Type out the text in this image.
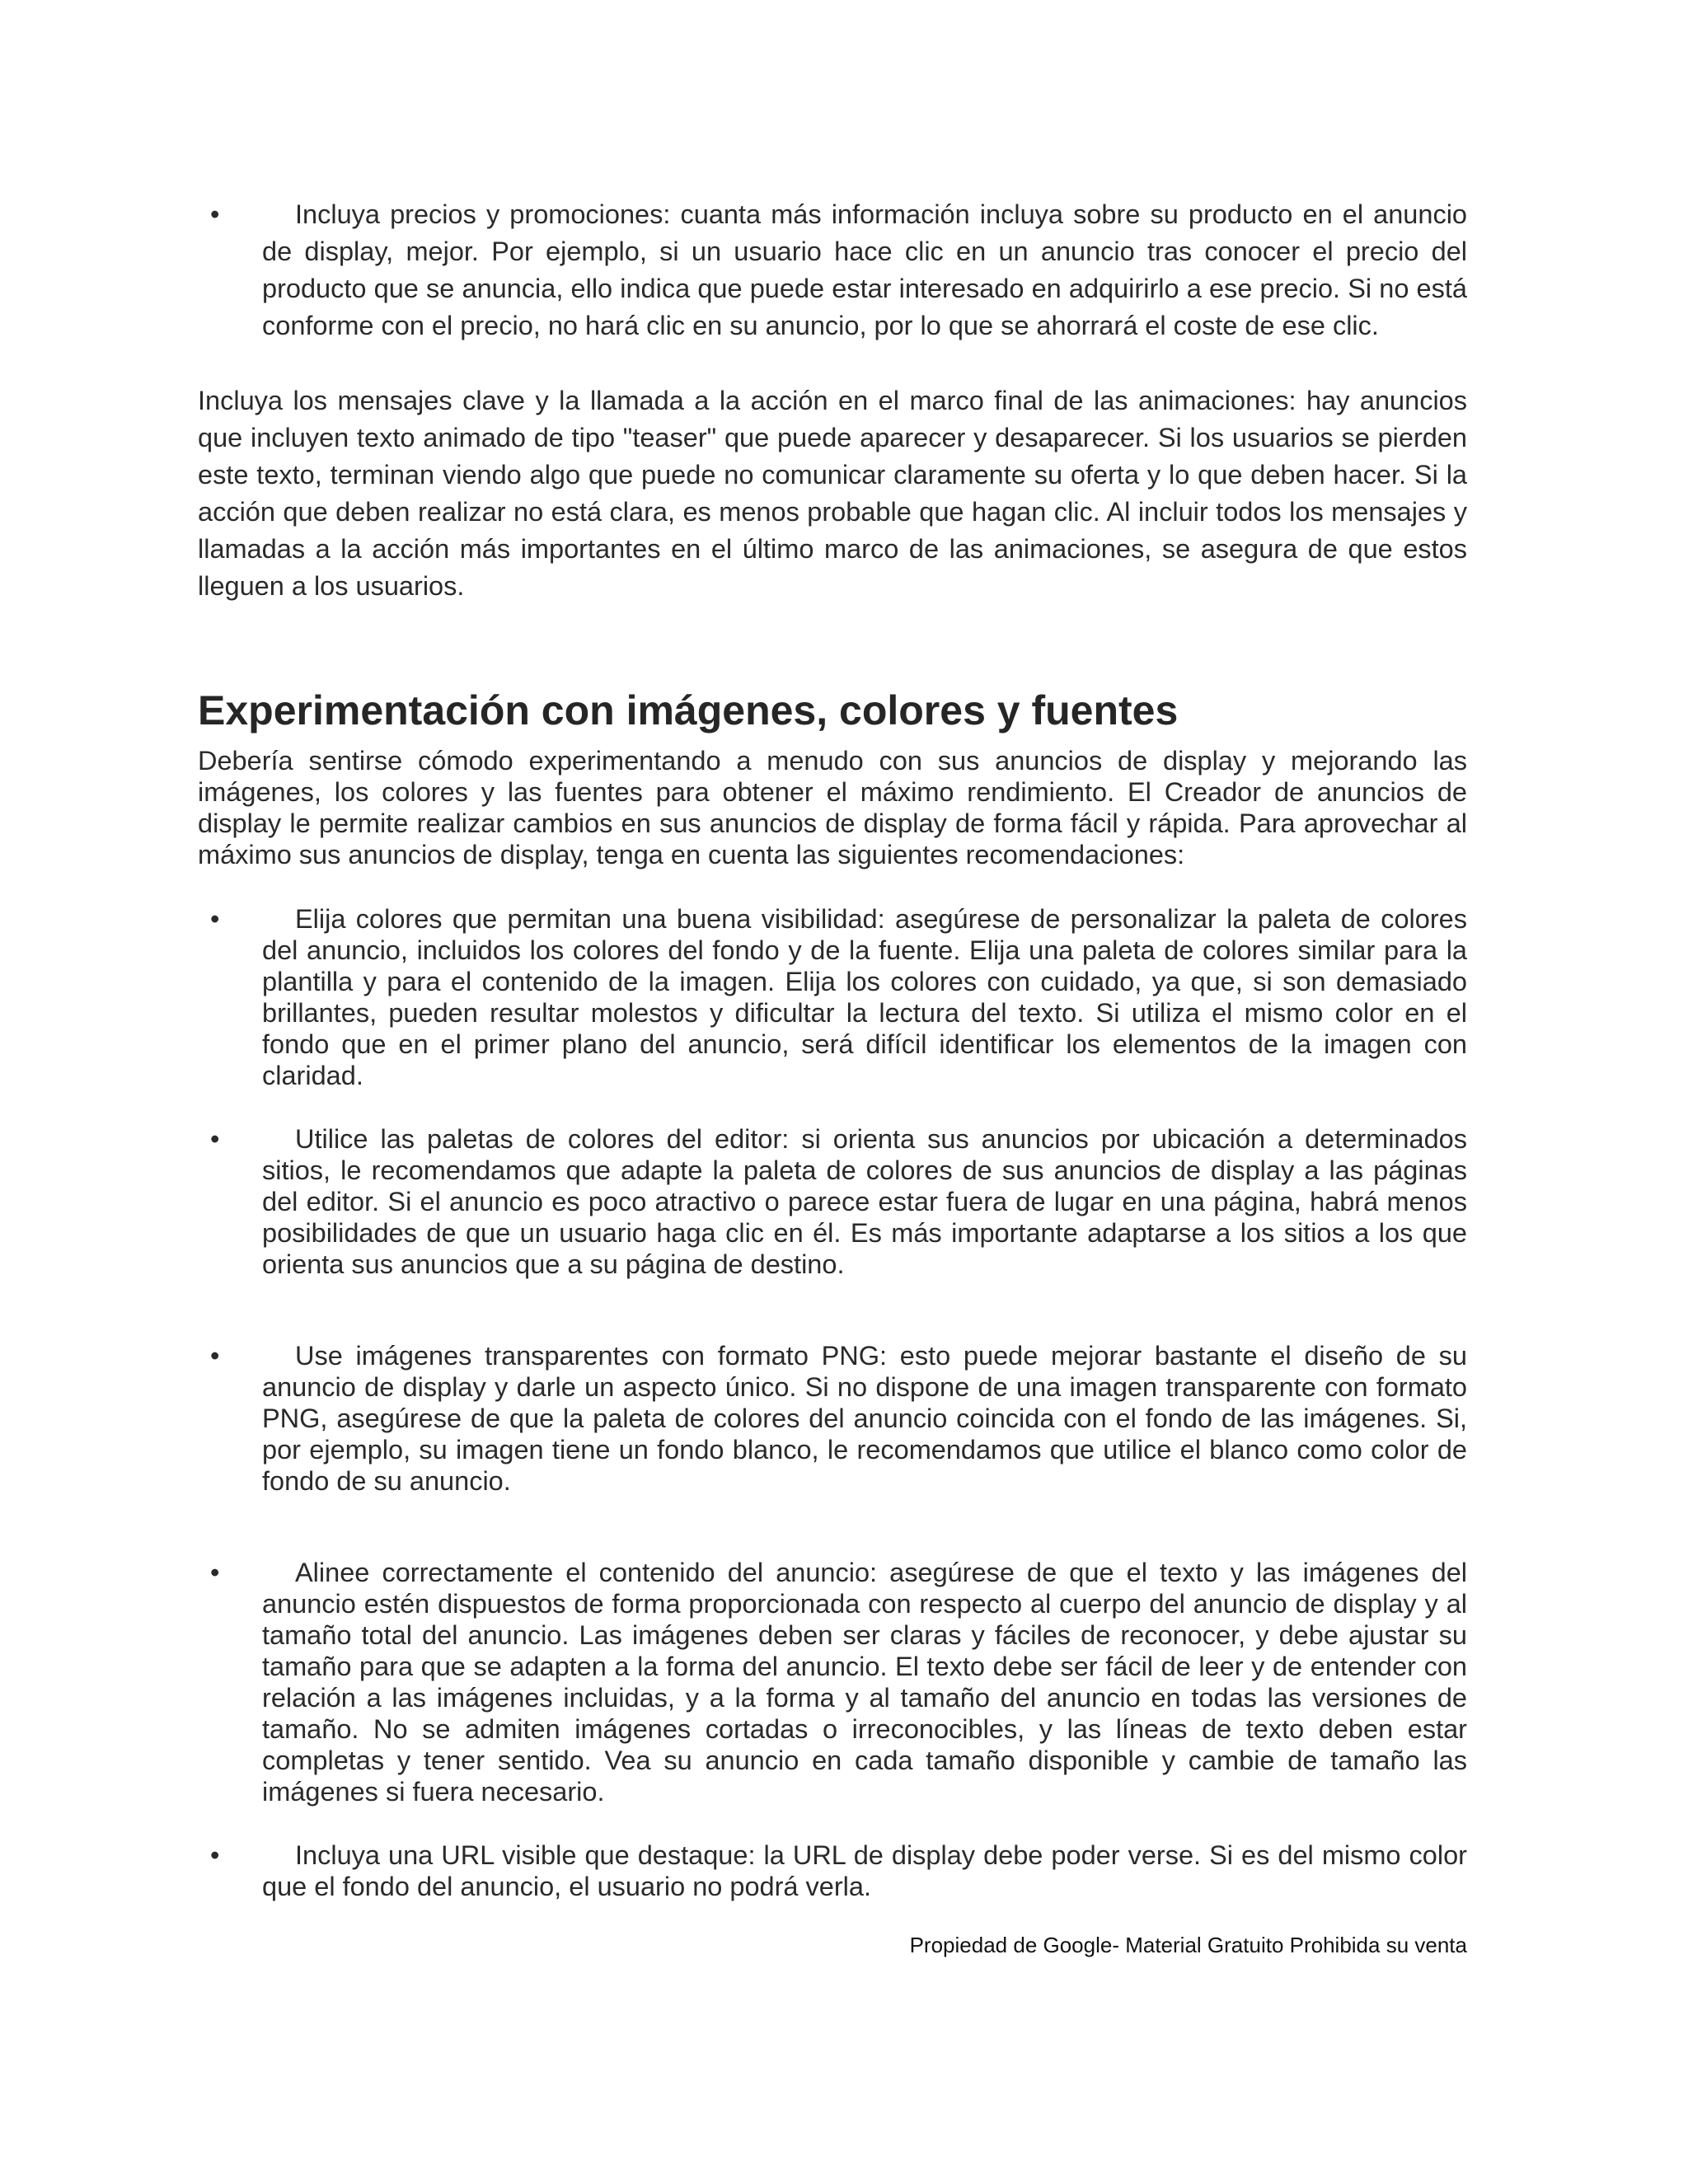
•	Incluya precios y promociones: cuanta más información incluya sobre su producto en el anuncio de display, mejor. Por ejemplo, si un usuario hace clic en un anuncio tras conocer el precio del producto que se anuncia, ello indica que puede estar interesado en adquirirlo a ese precio. Si no está conforme con el precio, no hará clic en su anuncio, por lo que se ahorrará el coste de ese clic.

Incluya los mensajes clave y la llamada a la acción en el marco final de las animaciones: hay anuncios que incluyen texto animado de tipo "teaser" que puede aparecer y desaparecer. Si los usuarios se pierden este texto, terminan viendo algo que puede no comunicar claramente su oferta y lo que deben hacer. Si la acción que deben realizar no está clara, es menos probable que hagan clic. Al incluir todos los mensajes y llamadas a la acción más importantes en el último marco de las animaciones, se asegura de que estos lleguen a los usuarios.

Experimentación con imágenes, colores y fuentes

Debería sentirse cómodo experimentando a menudo con sus anuncios de display y mejorando las imágenes, los colores y las fuentes para obtener el máximo rendimiento. El Creador de anuncios de display le permite realizar cambios en sus anuncios de display de forma fácil y rápida. Para aprovechar al máximo sus anuncios de display, tenga en cuenta las siguientes recomendaciones:

•	Elija colores que permitan una buena visibilidad: asegúrese de personalizar la paleta de colores del anuncio, incluidos los colores del fondo y de la fuente. Elija una paleta de colores similar para la plantilla y para el contenido de la imagen. Elija los colores con cuidado, ya que, si son demasiado brillantes, pueden resultar molestos y dificultar la lectura del texto. Si utiliza el mismo color en el fondo que en el primer plano del anuncio, será difícil identificar los elementos de la imagen con claridad.
•	Utilice las paletas de colores del editor: si orienta sus anuncios por ubicación a determinados sitios, le recomendamos que adapte la paleta de colores de sus anuncios de display a las páginas del editor. Si el anuncio es poco atractivo o parece estar fuera de lugar en una página, habrá menos posibilidades de que un usuario haga clic en él. Es más importante adaptarse a los sitios a los que orienta sus anuncios que a su página de destino.
•	Use imágenes transparentes con formato PNG: esto puede mejorar bastante el diseño de su anuncio de display y darle un aspecto único. Si no dispone de una imagen transparente con formato PNG, asegúrese de que la paleta de colores del anuncio coincida con el fondo de las imágenes. Si, por ejemplo, su imagen tiene un fondo blanco, le recomendamos que utilice el blanco como color de fondo de su anuncio.
•	Alinee correctamente el contenido del anuncio: asegúrese de que el texto y las imágenes del anuncio estén dispuestos de forma proporcionada con respecto al cuerpo del anuncio de display y al tamaño total del anuncio. Las imágenes deben ser claras y fáciles de reconocer, y debe ajustar su tamaño para que se adapten a la forma del anuncio. El texto debe ser fácil de leer y de entender con relación a las imágenes incluidas, y a la forma y al tamaño del anuncio en todas las versiones de tamaño. No se admiten imágenes cortadas o irreconocibles, y las líneas de texto deben estar completas y tener sentido. Vea su anuncio en cada tamaño disponible y cambie de tamaño las imágenes si fuera necesario.
•	Incluya una URL visible que destaque: la URL de display debe poder verse. Si es del mismo color que el fondo del anuncio, el usuario no podrá verla.
Propiedad de Google- Material Gratuito Prohibida su venta
